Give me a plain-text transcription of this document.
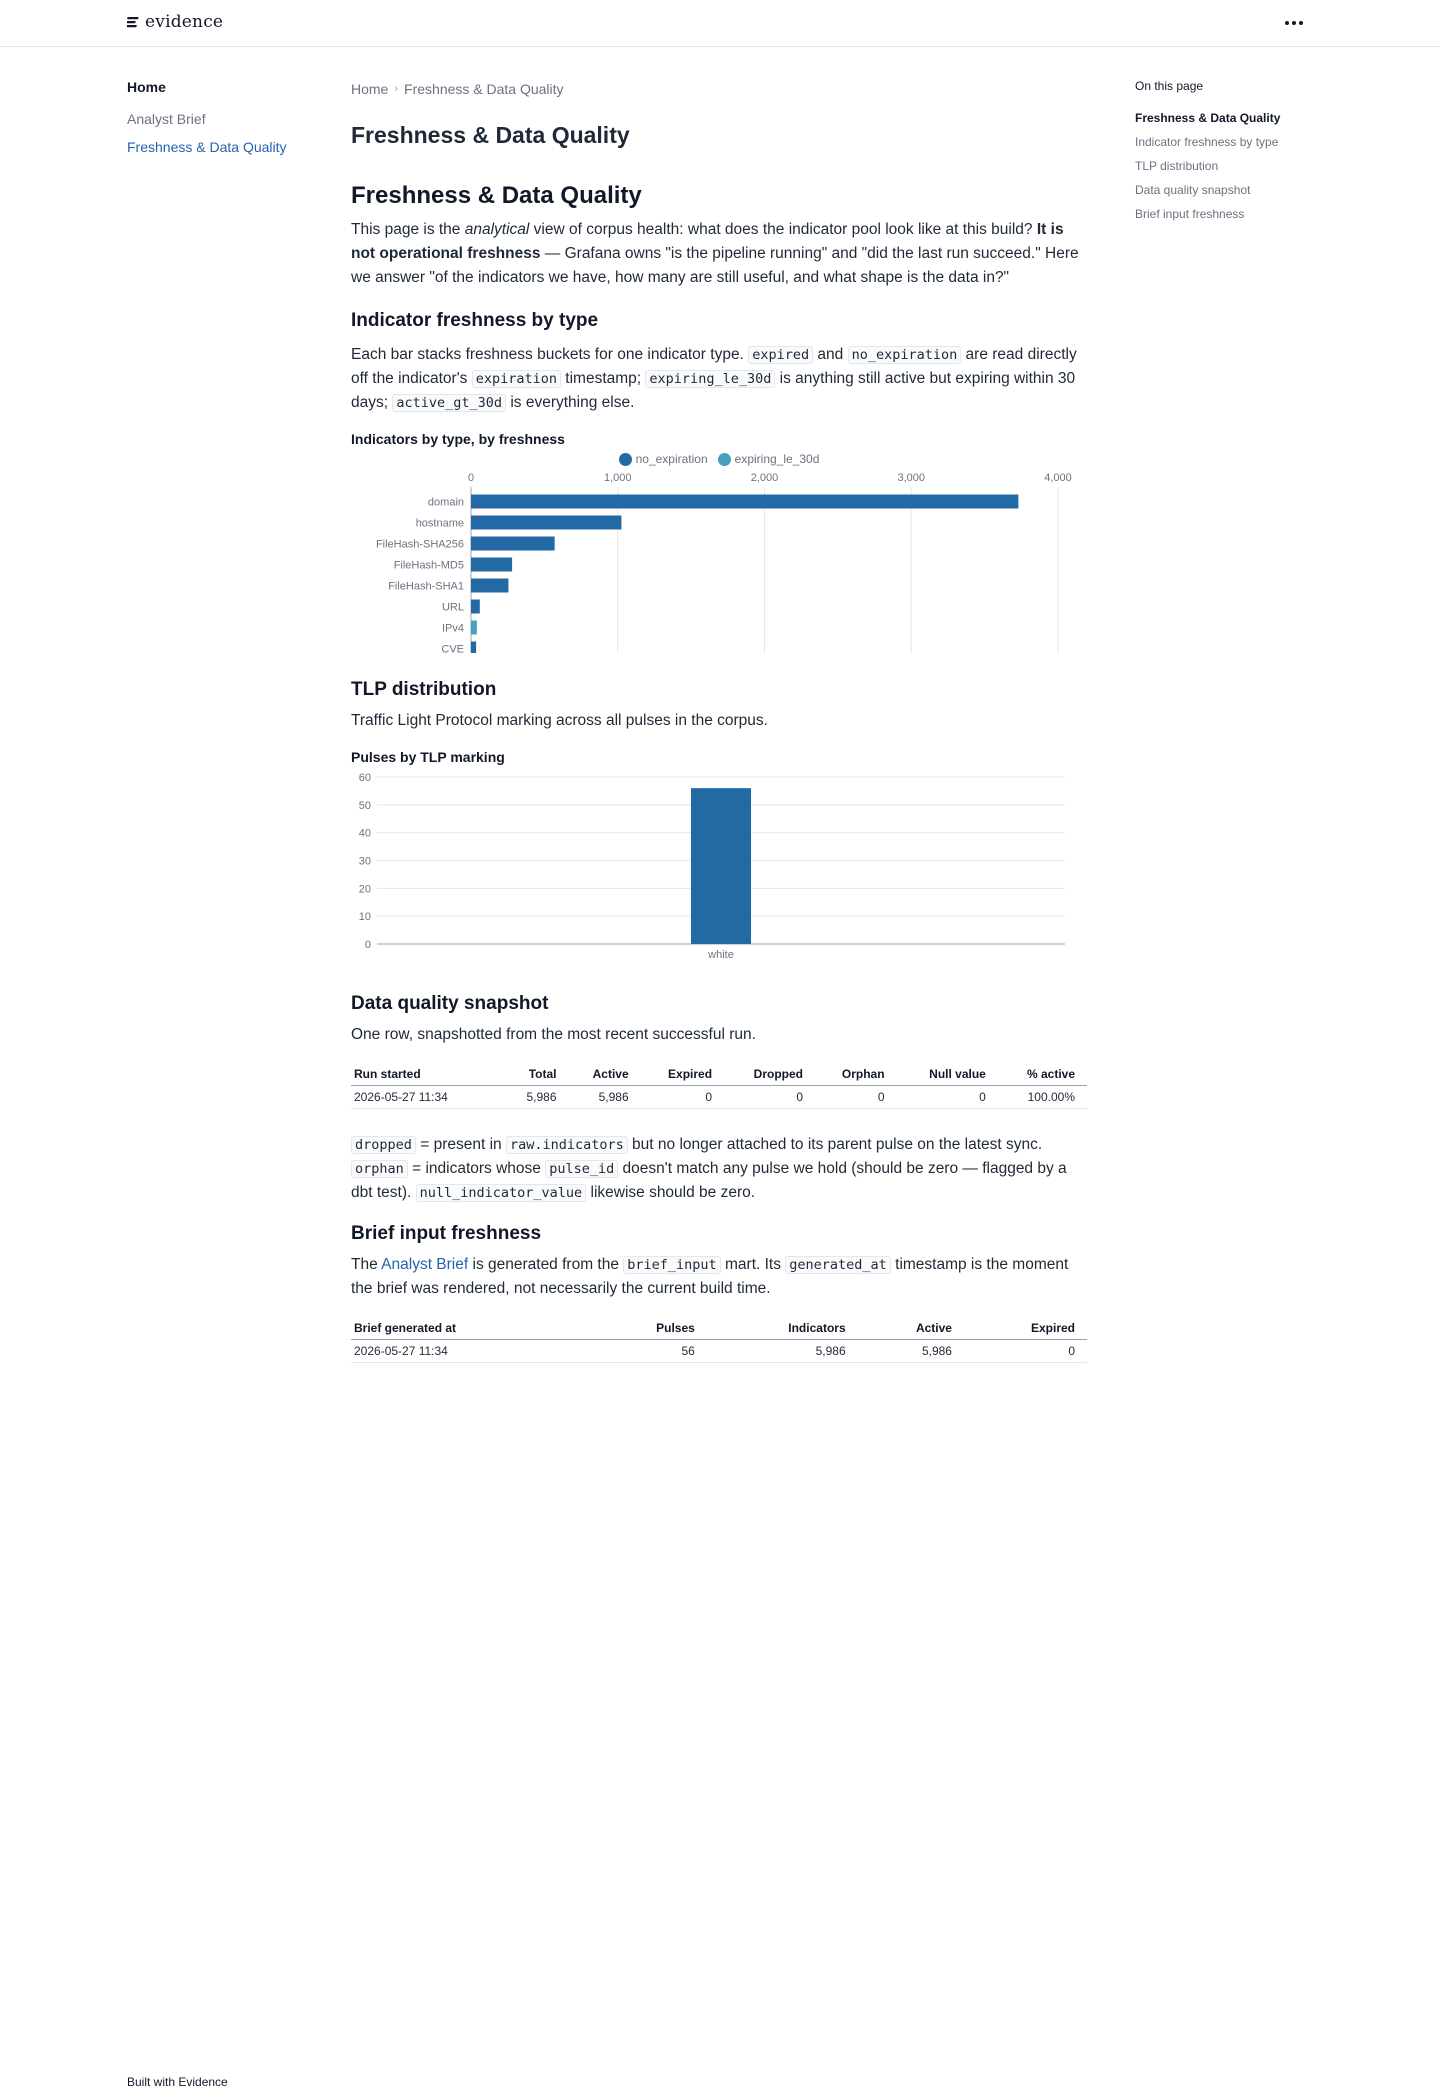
evidence
Home
Analyst Brief
Freshness & Data Quality
On this page
Freshness & Data Quality
Indicator freshness by type
TLP distribution
Data quality snapshot
Brief input freshness
Home › Freshness & Data Quality
Freshness & Data Quality
Freshness & Data Quality

This page is the analytical view of corpus health: what does the indicator pool look like at this build? It is not operational freshness — Grafana owns "is the pipeline running" and "did the last run succeed." Here we answer "of the indicators we have, how many are still useful, and what shape is the data in?"

Indicator freshness by type

Each bar stacks freshness buckets for one indicator type. expired and no_expiration are read directly off the indicator's expiration timestamp; expiring_le_30d is anything still active but expiring within 30 days; active_gt_30d is everything else.

Indicators by type, by freshness
no_expiration expiring_le_30d
0	1,000	2,000	3,000	4,000
domain
hostname
FileHash-SHA256
FileHash-MD5
FileHash-SHA1
URL
IPv4
CVE
TLP distribution

Traffic Light Protocol marking across all pulses in the corpus.

Pulses by TLP marking
0
10
20
30
40
50
60
white
Data quality snapshot

One row, snapshotted from the most recent successful run.

Run started	Total	Active	Expired	Dropped	Orphan	Null value	% active
2026-05-27 11:34	5,986	5,986	0	0	0	0	100.00%

dropped = present in raw.indicators but no longer attached to its parent pulse on the latest sync. orphan = indicators whose pulse_id doesn't match any pulse we hold (should be zero — flagged by a dbt test). null_indicator_value likewise should be zero.

Brief input freshness

The Analyst Brief is generated from the brief_input mart. Its generated_at timestamp is the moment the brief was rendered, not necessarily the current build time.

Brief generated at	Pulses	Indicators	Active	Expired
2026-05-27 11:34	56	5,986	5,986	0
Built with Evidence
